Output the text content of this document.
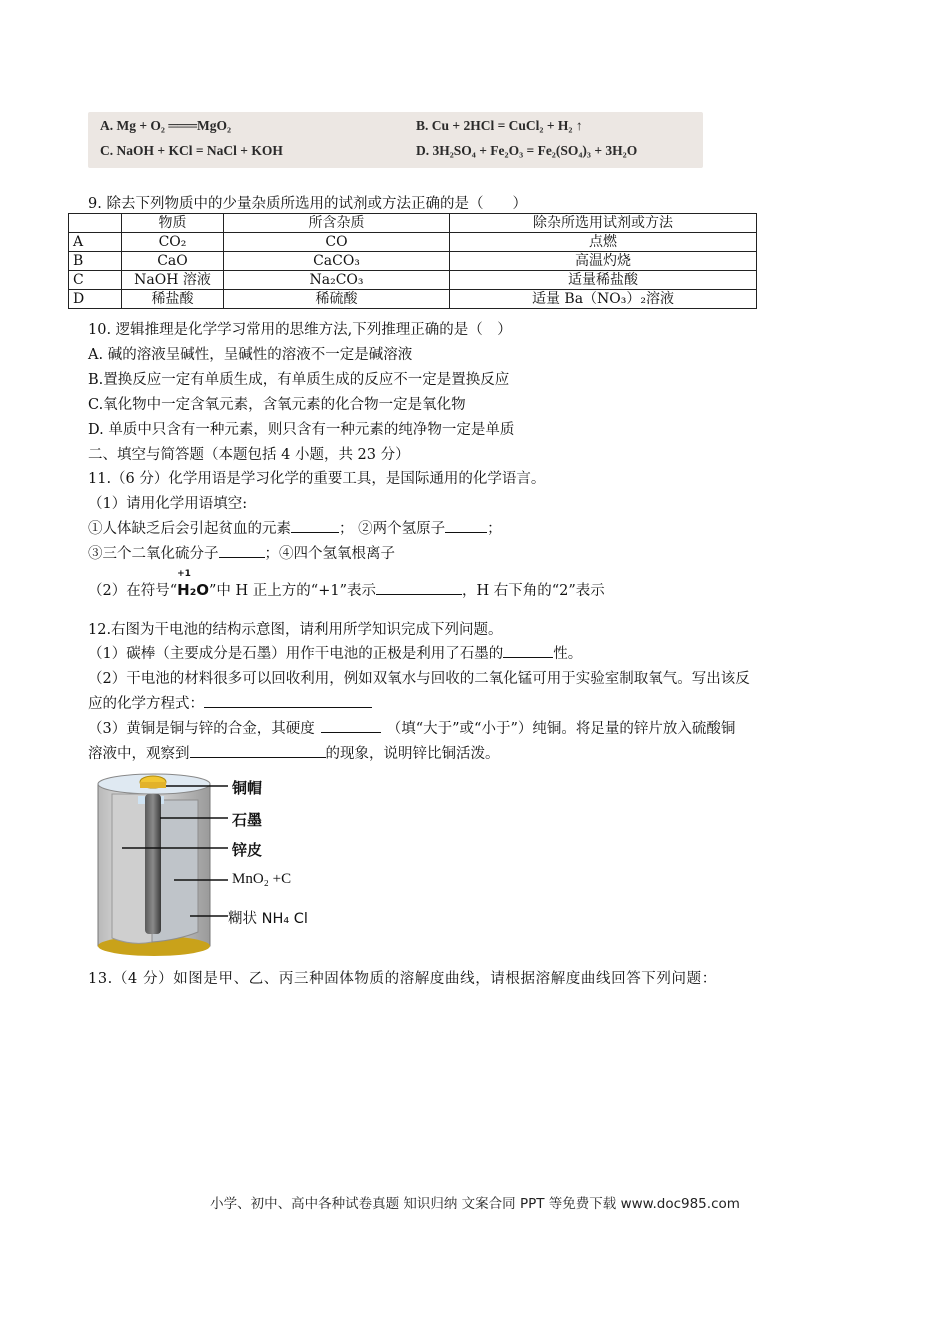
A. Mg + O₂ ═══MgO₂	B. Cu + 2HCl = CuCl₂ + H₂ ↑
C. NaOH + KCl = NaCl + KOH	D. 3H₂SO₄ + Fe₂O₃ = Fe₂(SO₄)₃ + 3H₂O
9. 除去下列物质中的少量杂质所选用的试剂或方法正确的是（　　）
	物质	所含杂质	除杂所选用试剂或方法
A	CO₂	CO	点燃
B	CaO	CaCO₃	高温灼烧
C	NaOH 溶液	Na₂CO₃	适量稀盐酸
D	稀盐酸	稀硫酸	适量 Ba（NO₃）₂溶液
10. 逻辑推理是化学学习常用的思维方法,下列推理正确的是（　）
A. 碱的溶液呈碱性，呈碱性的溶液不一定是碱溶液
B.置换反应一定有单质生成，有单质生成的反应不一定是置换反应
C.氧化物中一定含氧元素，含氧元素的化合物一定是氧化物
D. 单质中只含有一种元素，则只含有一种元素的纯净物一定是单质
二、填空与简答题（本题包括 4 小题，共 23 分）
11.（6 分）化学用语是学习化学的重要工具，是国际通用的化学语言。
（1）请用化学用语填空:
①人体缺乏后会引起贫血的元素	； ②两个氢原子	；
③三个二氧化硫分子	；④四个氢氧根离子
（2）在符号“
+1
H₂O”中 H 正上方的“+1”表示	，H 右下角的“2”表示
12.右图为干电池的结构示意图，请利用所学知识完成下列问题。
（1）碳棒（主要成分是石墨）用作干电池的正极是利用了石墨的	性。
（2）干电池的材料很多可以回收利用，例如双氧水与回收的二氧化锰可用于实验室制取氧气。写出该反
应的化学方程式：
（3）黄铜是铜与锌的合金，其硬度	（填“大于”或“小于”）纯铜。将足量的锌片放入硫酸铜
溶液中，观察到	的现象，说明锌比铜活泼。
铜帽
石墨
锌皮
MnO₂ +C
糊状 NH₄ Cl
13.（4 分）如图是甲、乙、丙三种固体物质的溶解度曲线，请根据溶解度曲线回答下列问题：
小学、初中、高中各种试卷真题 知识归纳 文案合同 PPT 等免费下载 www.doc985.com
